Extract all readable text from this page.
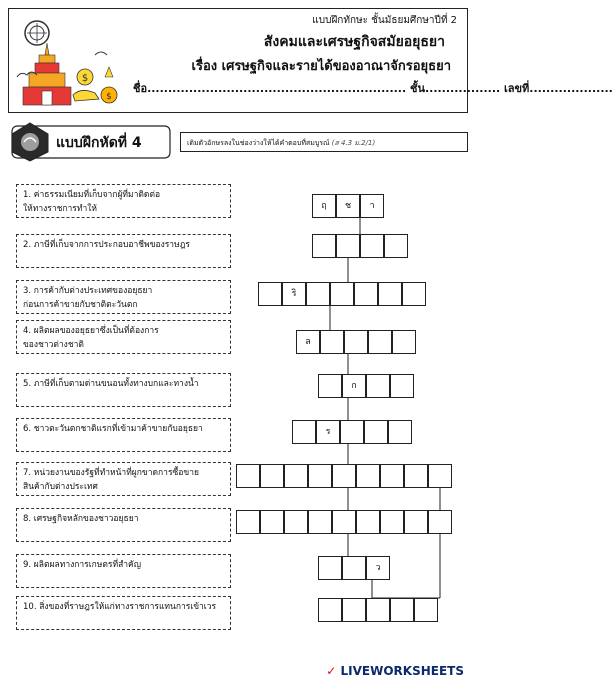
$
$
แบบฝึกทักษะ ชั้นมัธยมศึกษาปีที่ 2
สังคมและเศรษฐกิจสมัยอยุธยา
เรื่อง เศรษฐกิจและรายได้ของอาณาจักรอยุธยา
ชื่อ.............................................................. ชั้น.................. เลขที่....................
แบบฝึกหัดที่ 4	เติมตัวอักษรลงในช่องว่างให้ได้คำตอบที่สมบูรณ์ (ส 4.3 ม.2/1)
1. ค่าธรรมเนียมที่เก็บจากผู้ที่มาติดต่อ
ให้ทางราชการทำให้
2. ภาษีที่เก็บจากการประกอบอาชีพของราษฎร
3. การค้ากับต่างประเทศของอยุธยา
ก่อนการค้าขายกับชาติตะวันตก
4. ผลิตผลของอยุธยาซึ่งเป็นที่ต้องการ
ของชาวต่างชาติ
5. ภาษีที่เก็บตามด่านขนอนทั้งทางบกและทางน้ำ
6. ชาวตะวันตกชาติแรกที่เข้ามาค้าขายกับอยุธยา
7. หน่วยงานของรัฐที่ทำหน้าที่ผูกขาดการซื้อขาย
สินค้ากับต่างประเทศ
8. เศรษฐกิจหลักของชาวอยุธยา
9. ผลิตผลทางการเกษตรที่สำคัญ
10. สิ่งของที่ราษฎรให้แก่ทางราชการแทนการเข้าเวร
ฤ	ช	า
ริ
ล
ก
ร
ว
✓ LIVEWORKSHEETS
